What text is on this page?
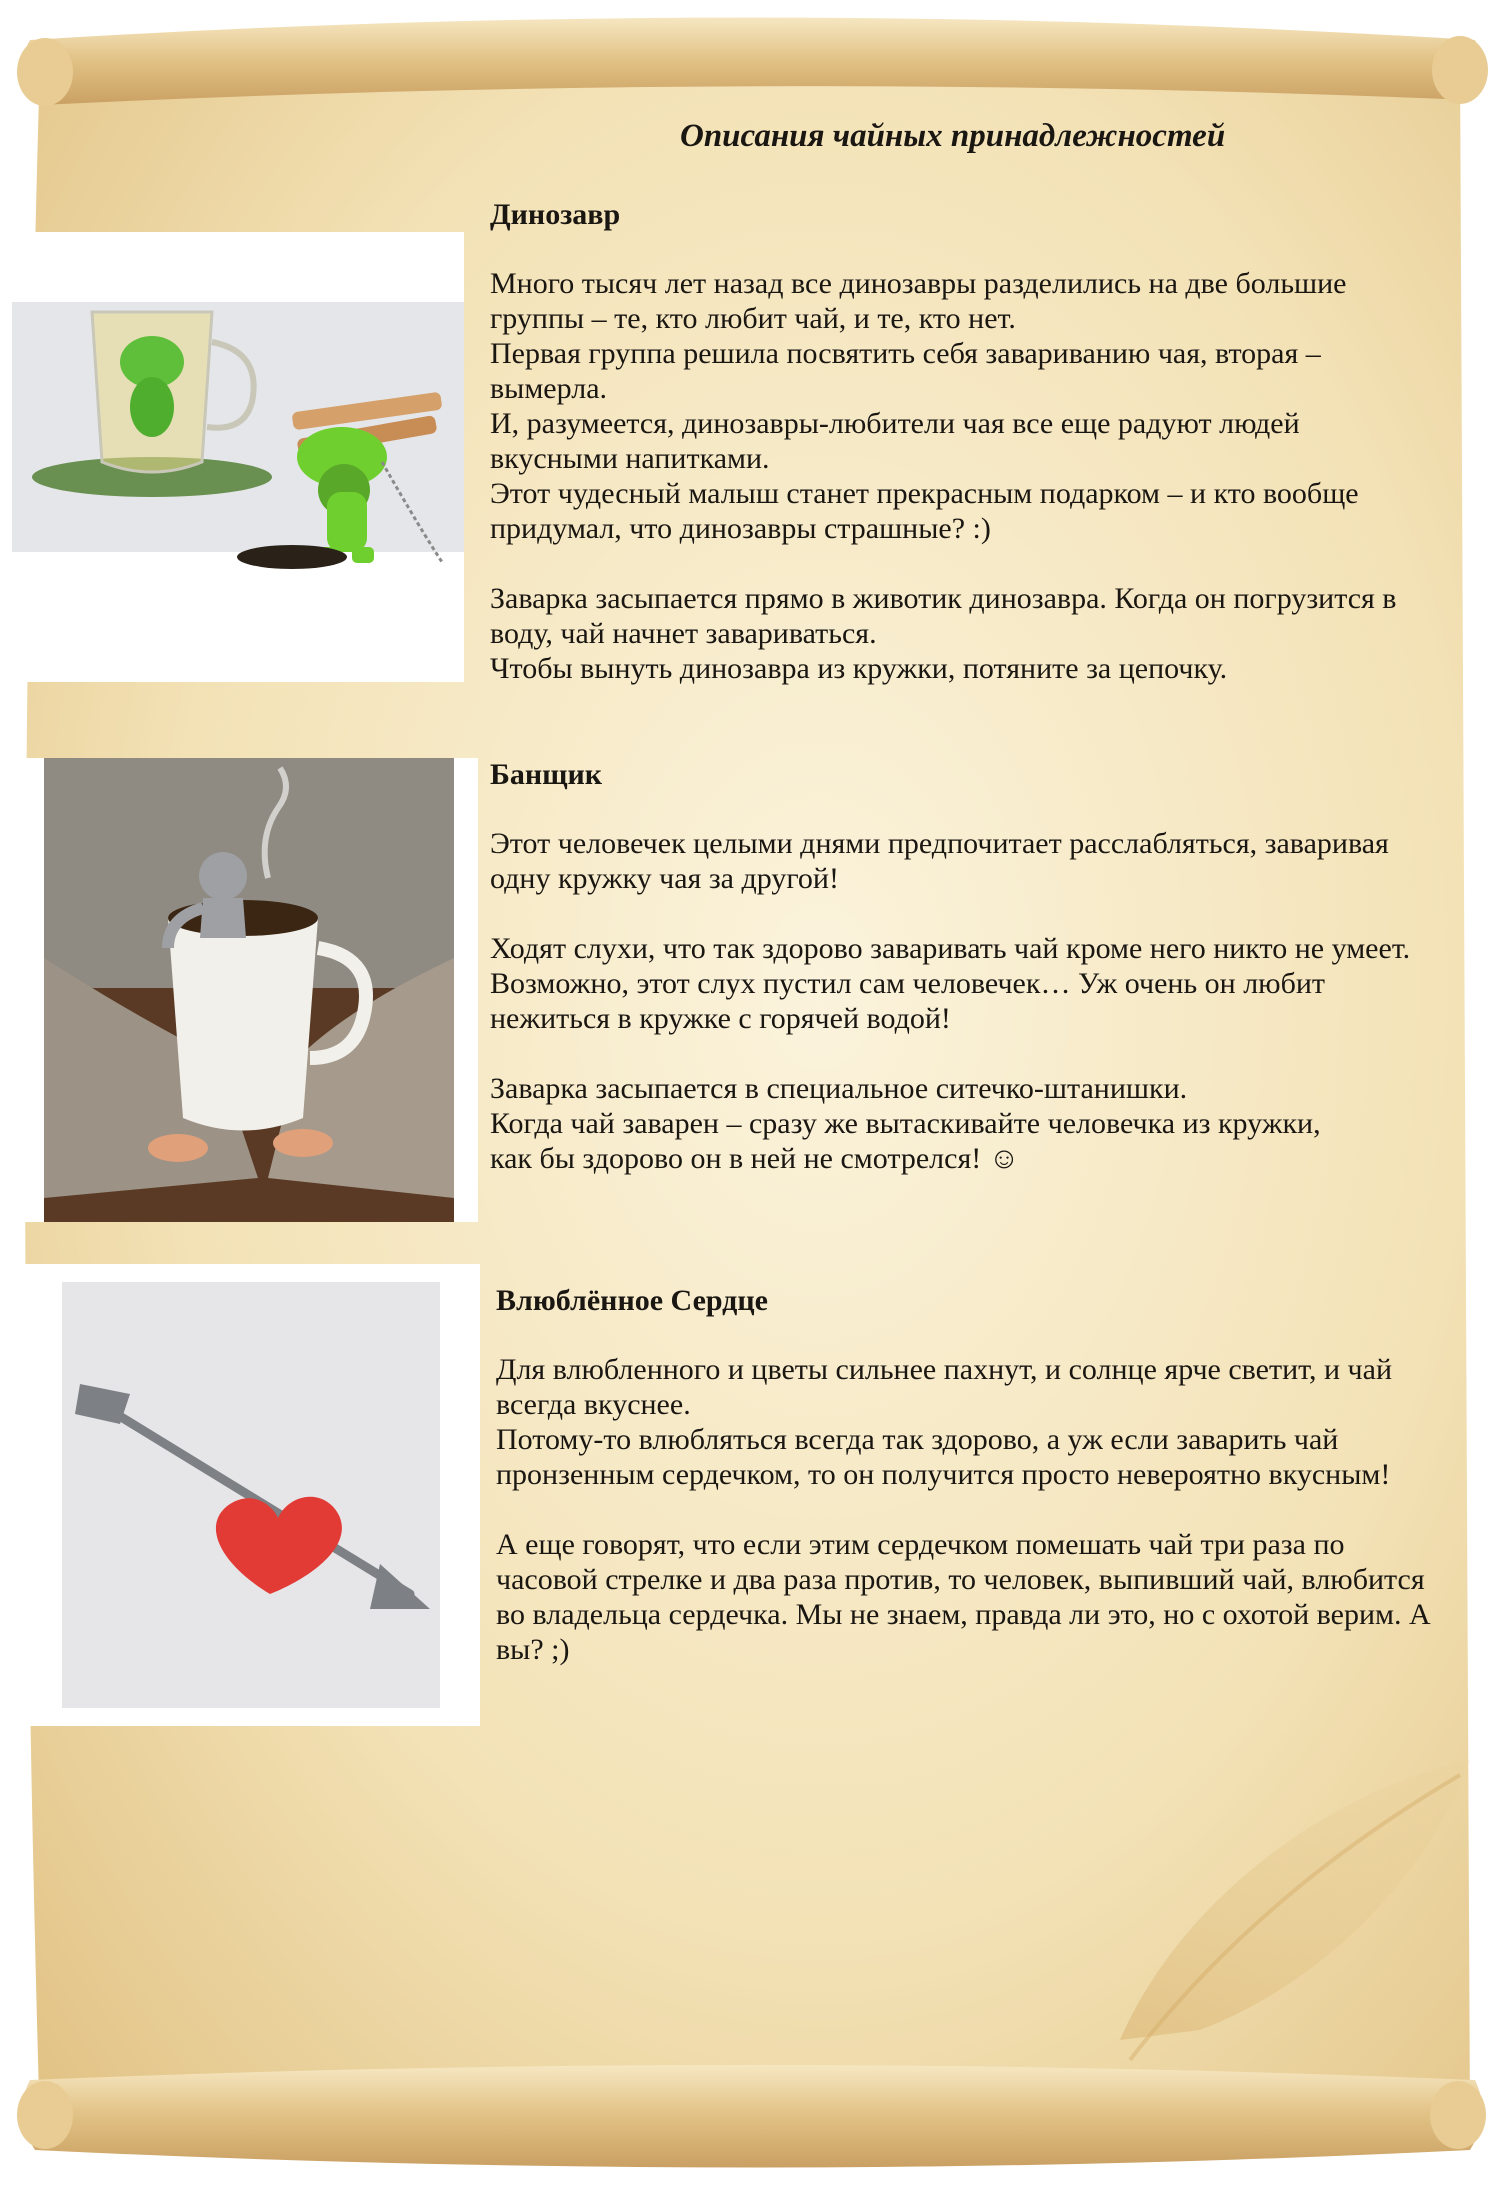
Описания чайных принадлежностей
Динозавр

Много тысяч лет назад все динозавры разделились на две большие
группы – те, кто любит чай, и те, кто нет.
Первая группа решила посвятить себя завариванию чая, вторая –
вымерла.
И, разумеется, динозавры-любители чая все еще радуют людей
вкусными напитками.
Этот чудесный малыш станет прекрасным подарком – и кто вообще
придумал, что динозавры страшные? :)

Заварка засыпается прямо в животик динозавра. Когда он погрузится в
воду, чай начнет завариваться.
Чтобы вынуть динозавра из кружки, потяните за цепочку.

Банщик

Этот человечек целыми днями предпочитает расслабляться, заваривая
одну кружку чая за другой!

Ходят слухи, что так здорово заваривать чай кроме него никто не умеет.
Возможно, этот слух пустил сам человечек… Уж очень он любит
нежиться в кружке с горячей водой!

Заварка засыпается в специальное ситечко-штанишки.
Когда чай заварен – сразу же вытаскивайте человечка из кружки,
как бы здорово он в ней не смотрелся! ☺

Влюблённое Сердце

Для влюбленного и цветы сильнее пахнут, и солнце ярче светит, и чай
всегда вкуснее.
Потому-то влюбляться всегда так здорово, а уж если заварить чай
пронзенным сердечком, то он получится просто невероятно вкусным!

А еще говорят, что если этим сердечком помешать чай три раза по
часовой стрелке и два раза против, то человек, выпивший чай, влюбится
во владельца сердечка. Мы не знаем, правда ли это, но с охотой верим. А
вы? ;)
